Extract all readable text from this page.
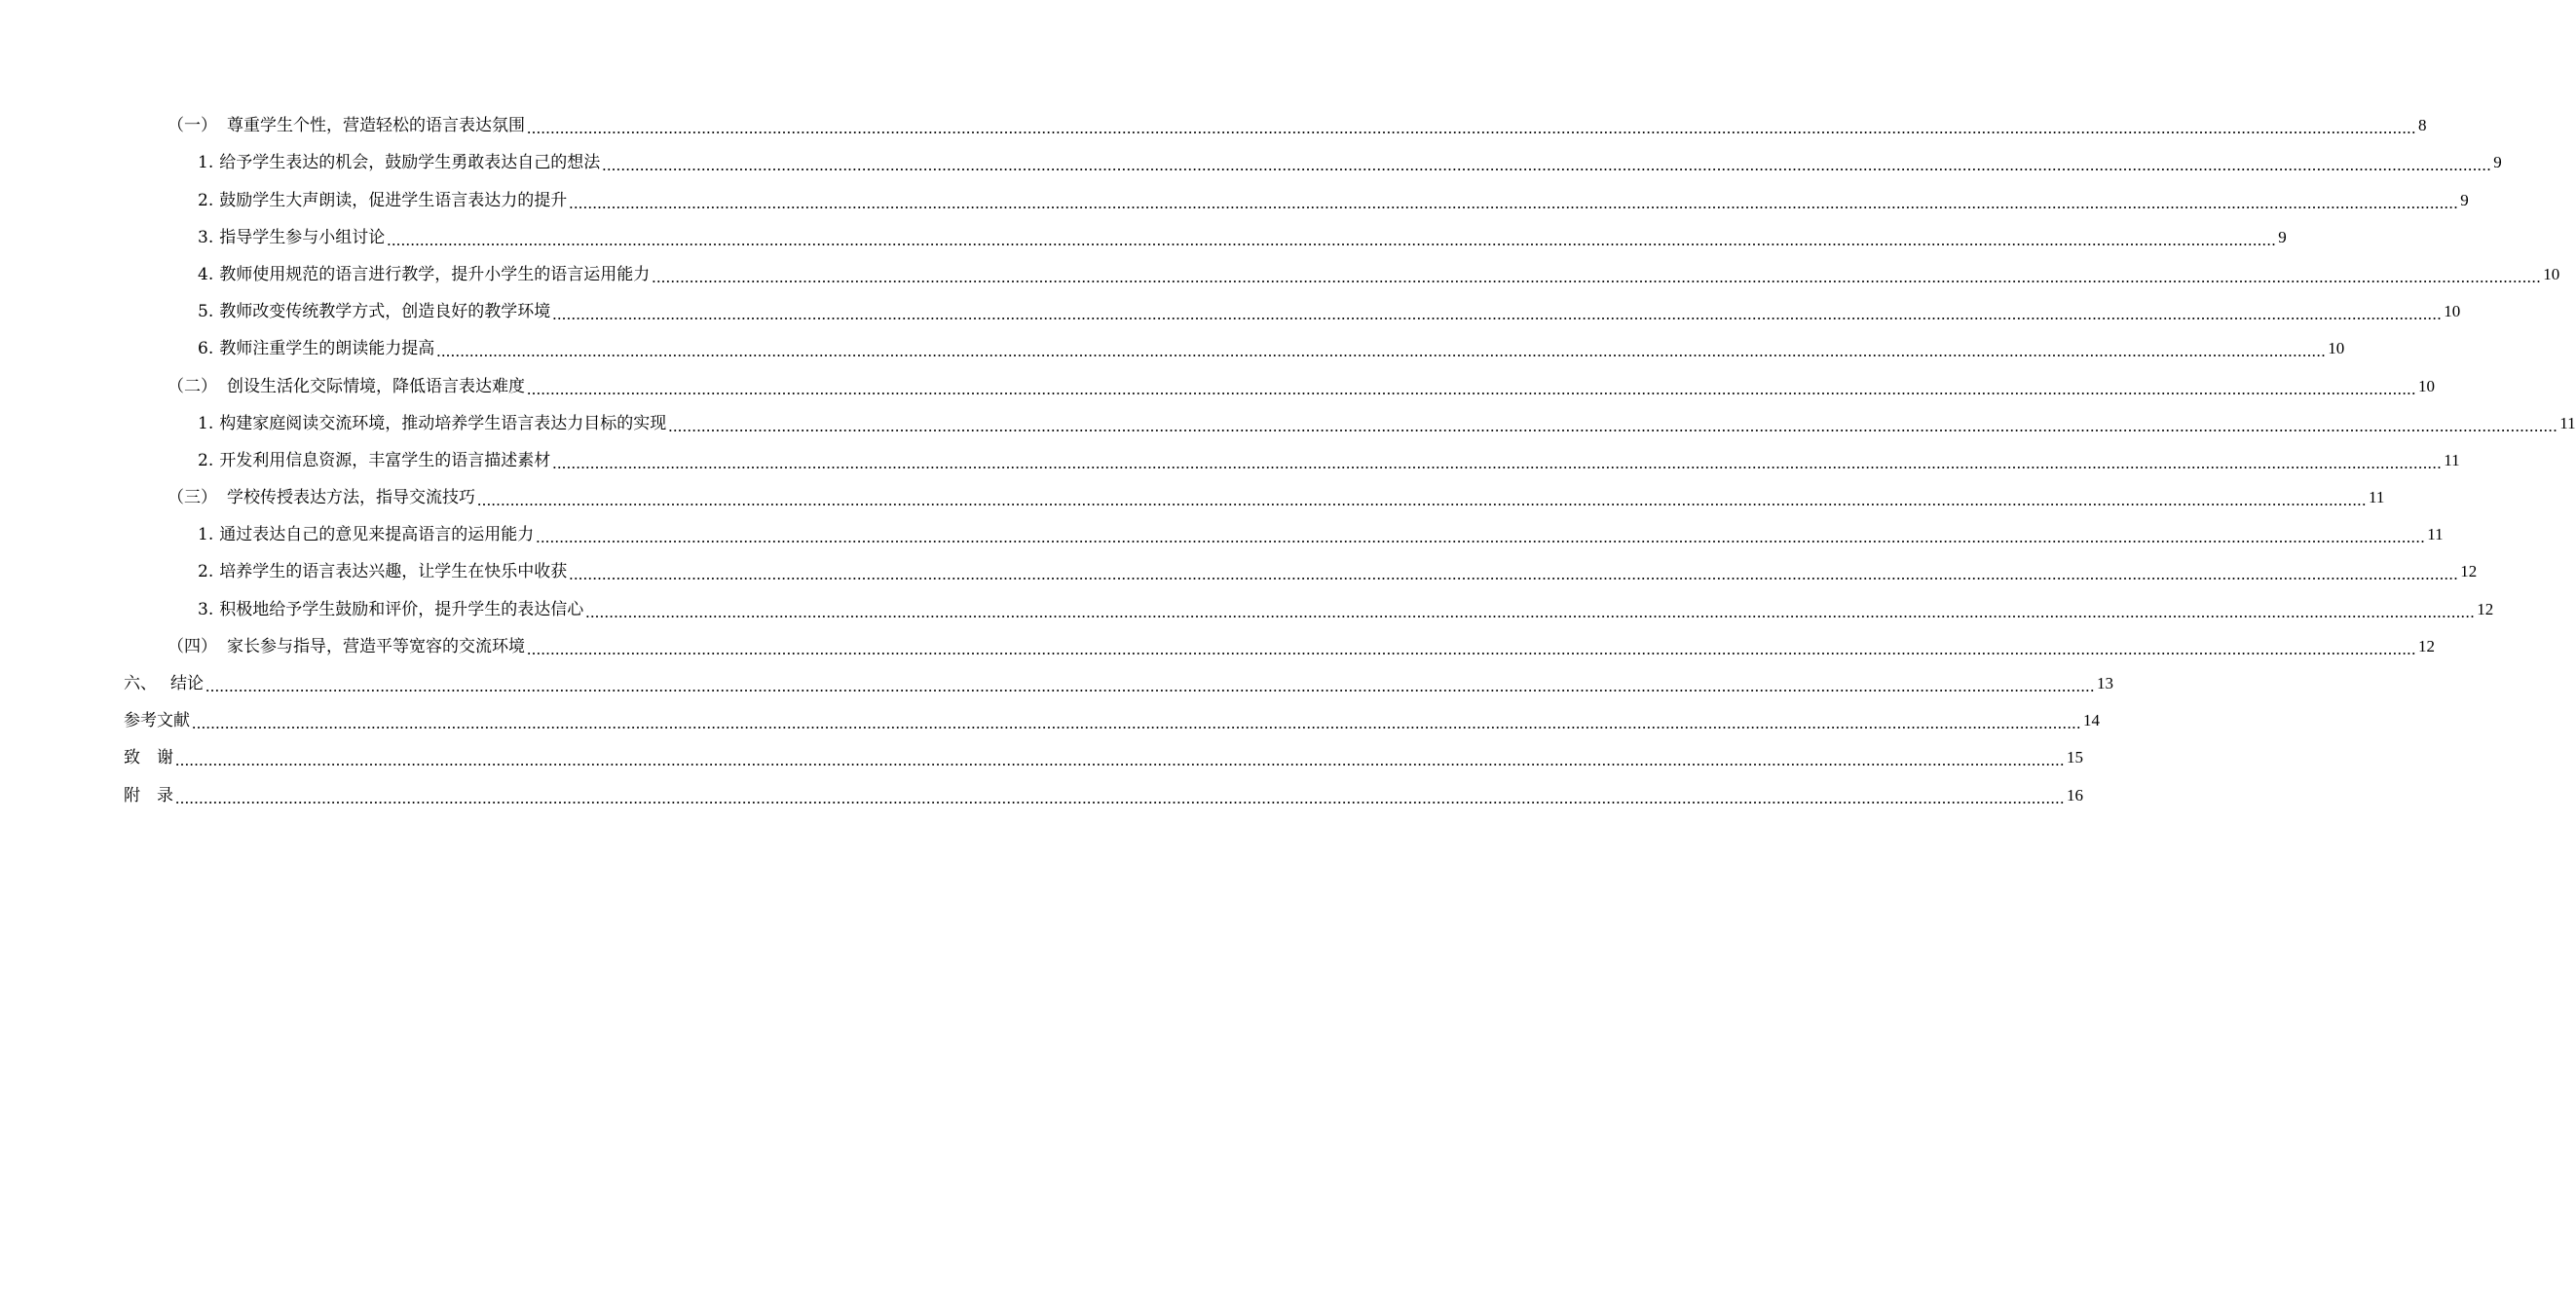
（一） 尊重学生个性，营造轻松的语言表达氛围 ................................................................................................................................................................................................................................................................................................................................................................................................................ 8
1. 给予学生表达的机会，鼓励学生勇敢表达自己的想法 ................................................................................................................................................................................................................................................................................................................................................................................................................ 9
2. 鼓励学生大声朗读，促进学生语言表达力的提升 ................................................................................................................................................................................................................................................................................................................................................................................................................ 9
3. 指导学生参与小组讨论 ................................................................................................................................................................................................................................................................................................................................................................................................................ 9
4. 教师使用规范的语言进行教学，提升小学生的语言运用能力 ................................................................................................................................................................................................................................................................................................................................................................................................................ 10
5. 教师改变传统教学方式，创造良好的教学环境 ................................................................................................................................................................................................................................................................................................................................................................................................................ 10
6. 教师注重学生的朗读能力提高 ................................................................................................................................................................................................................................................................................................................................................................................................................ 10
（二） 创设生活化交际情境，降低语言表达难度 ................................................................................................................................................................................................................................................................................................................................................................................................................ 10
1. 构建家庭阅读交流环境，推动培养学生语言表达力目标的实现 ................................................................................................................................................................................................................................................................................................................................................................................................................ 11
2. 开发利用信息资源，丰富学生的语言描述素材 ................................................................................................................................................................................................................................................................................................................................................................................................................ 11
（三） 学校传授表达方法，指导交流技巧 ................................................................................................................................................................................................................................................................................................................................................................................................................ 11
1. 通过表达自己的意见来提高语言的运用能力 ................................................................................................................................................................................................................................................................................................................................................................................................................ 11
2. 培养学生的语言表达兴趣，让学生在快乐中收获 ................................................................................................................................................................................................................................................................................................................................................................................................................ 12
3. 积极地给予学生鼓励和评价，提升学生的表达信心 ................................................................................................................................................................................................................................................................................................................................................................................................................ 12
（四） 家长参与指导，营造平等宽容的交流环境 ................................................................................................................................................................................................................................................................................................................................................................................................................ 12
六、 结论 ................................................................................................................................................................................................................................................................................................................................................................................................................ 13
参考文献 ................................................................................................................................................................................................................................................................................................................................................................................................................ 14
致　谢 ................................................................................................................................................................................................................................................................................................................................................................................................................ 15
附　录 ................................................................................................................................................................................................................................................................................................................................................................................................................ 16
